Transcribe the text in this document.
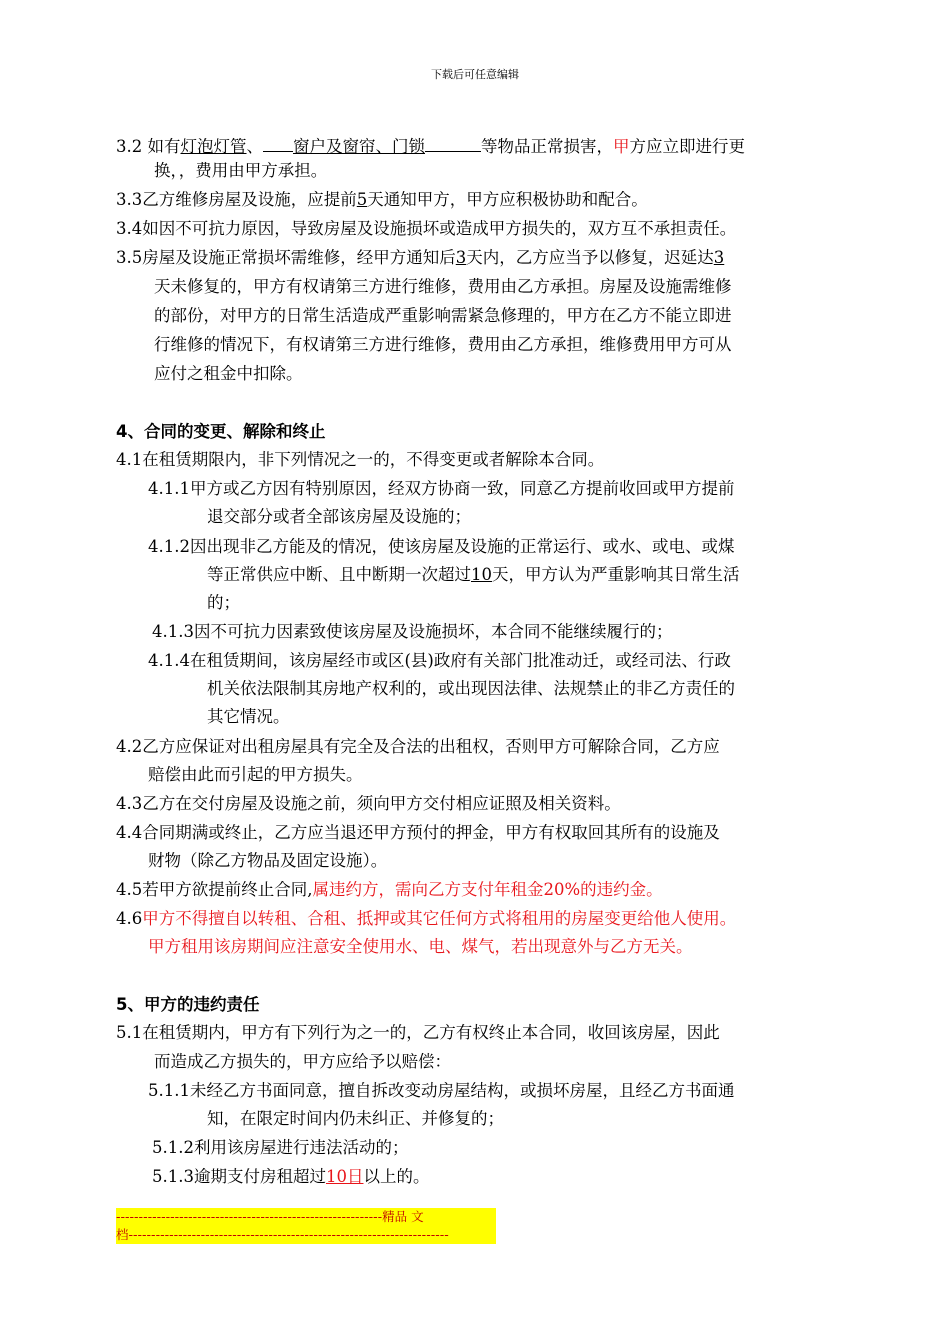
下载后可任意编辑
3.2 如有灯泡灯管、 窗户及窗帘、门锁	等物品正常损害，甲方应立即进行更
换，，费用由甲方承担。
3.3乙方维修房屋及设施，应提前5天通知甲方，甲方应积极协助和配合。
3.4如因不可抗力原因，导致房屋及设施损坏或造成甲方损失的，双方互不承担责任。
3.5房屋及设施正常损坏需维修，经甲方通知后3天内，乙方应当予以修复，迟延达3
天未修复的，甲方有权请第三方进行维修，费用由乙方承担。房屋及设施需维修
的部份，对甲方的日常生活造成严重影响需紧急修理的，甲方在乙方不能立即进
行维修的情况下，有权请第三方进行维修，费用由乙方承担，维修费用甲方可从
应付之租金中扣除。
4、合同的变更、解除和终止
4.1在租赁期限内，非下列情况之一的，不得变更或者解除本合同。
4.1.1甲方或乙方因有特别原因，经双方协商一致，同意乙方提前收回或甲方提前
退交部分或者全部该房屋及设施的；
4.1.2因出现非乙方能及的情况，使该房屋及设施的正常运行、或水、或电、或煤
等正常供应中断、且中断期一次超过10天，甲方认为严重影响其日常生活
的；
4.1.3因不可抗力因素致使该房屋及设施损坏，本合同不能继续履行的；
4.1.4在租赁期间，该房屋经市或区(县)政府有关部门批准动迁，或经司法、行政
机关依法限制其房地产权利的，或出现因法律、法规禁止的非乙方责任的
其它情况。
4.2乙方应保证对出租房屋具有完全及合法的出租权，否则甲方可解除合同，乙方应
赔偿由此而引起的甲方损失。
4.3乙方在交付房屋及设施之前，须向甲方交付相应证照及相关资料。
4.4合同期满或终止，乙方应当退还甲方预付的押金，甲方有权取回其所有的设施及
财物（除乙方物品及固定设施）。
4.5若甲方欲提前终止合同,属违约方，需向乙方支付年租金20%的违约金。
4.6甲方不得擅自以转租、合租、抵押或其它任何方式将租用的房屋变更给他人使用。
甲方租用该房期间应注意安全使用水、电、煤气，若出现意外与乙方无关。
5、甲方的违约责任
5.1在租赁期内，甲方有下列行为之一的，乙方有权终止本合同，收回该房屋，因此
而造成乙方损失的，甲方应给予以赔偿：
5.1.1未经乙方书面同意，擅自拆改变动房屋结构，或损坏房屋，且经乙方书面通
知，在限定时间内仍未纠正、并修复的；
5.1.2利用该房屋进行违法活动的；
5.1.3逾期支付房租超过10日以上的。
-----------------------------------------------------------精品 文
档-----------------------------------------------------------------------
